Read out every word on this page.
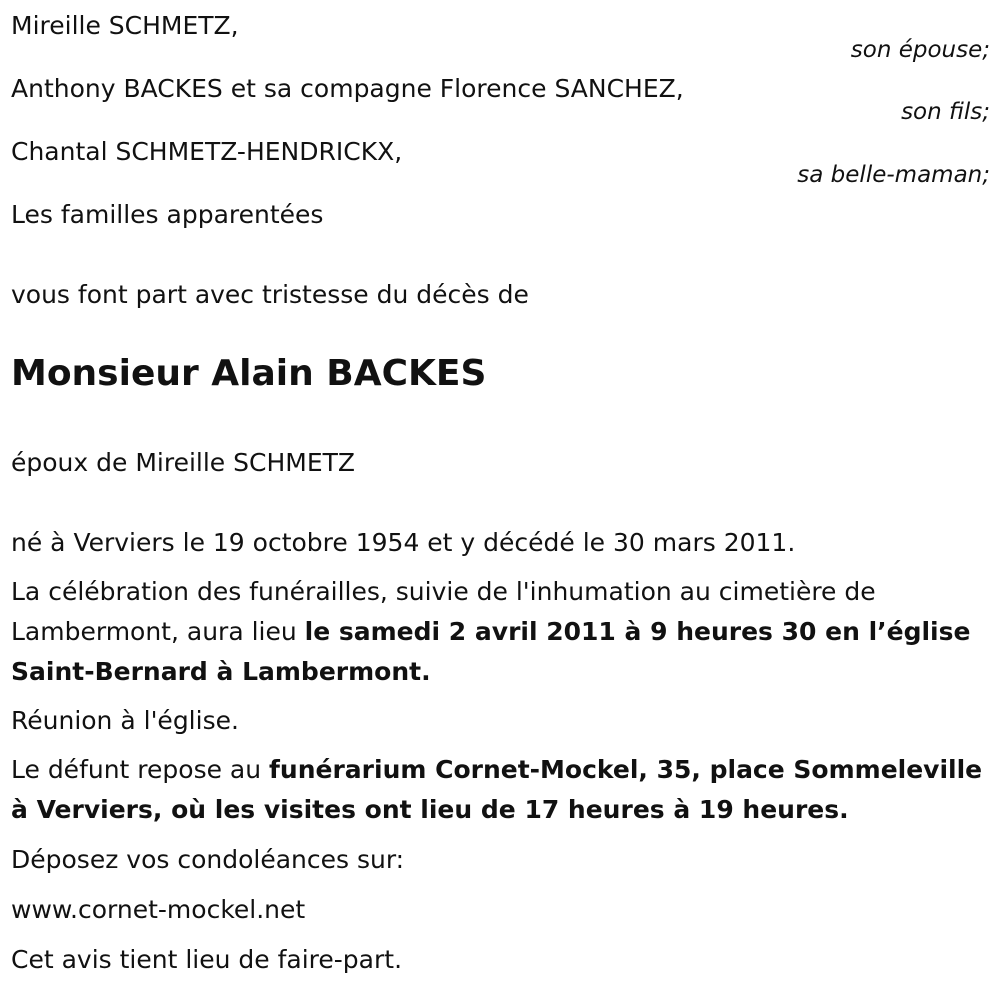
Mireille SCHMETZ,
son épouse;
Anthony BACKES et sa compagne Florence SANCHEZ,
son fils;
Chantal SCHMETZ-HENDRICKX,
sa belle-maman;
Les familles apparentées
vous font part avec tristesse du décès de
Monsieur Alain BACKES
époux de Mireille SCHMETZ
né à Verviers le 19 octobre 1954 et y décédé le 30 mars 2011.
La célébration des funérailles, suivie de l'inhumation au cimetière de Lambermont, aura lieu le samedi 2 avril 2011 à 9 heures 30 en l’église Saint-Bernard à Lambermont.
Réunion à l'église.
Le défunt repose au funérarium Cornet-Mockel, 35, place Sommeleville à Verviers, où les visites ont lieu de 17 heures à 19 heures.
Déposez vos condoléances sur:
www.cornet-mockel.net
Cet avis tient lieu de faire-part.
